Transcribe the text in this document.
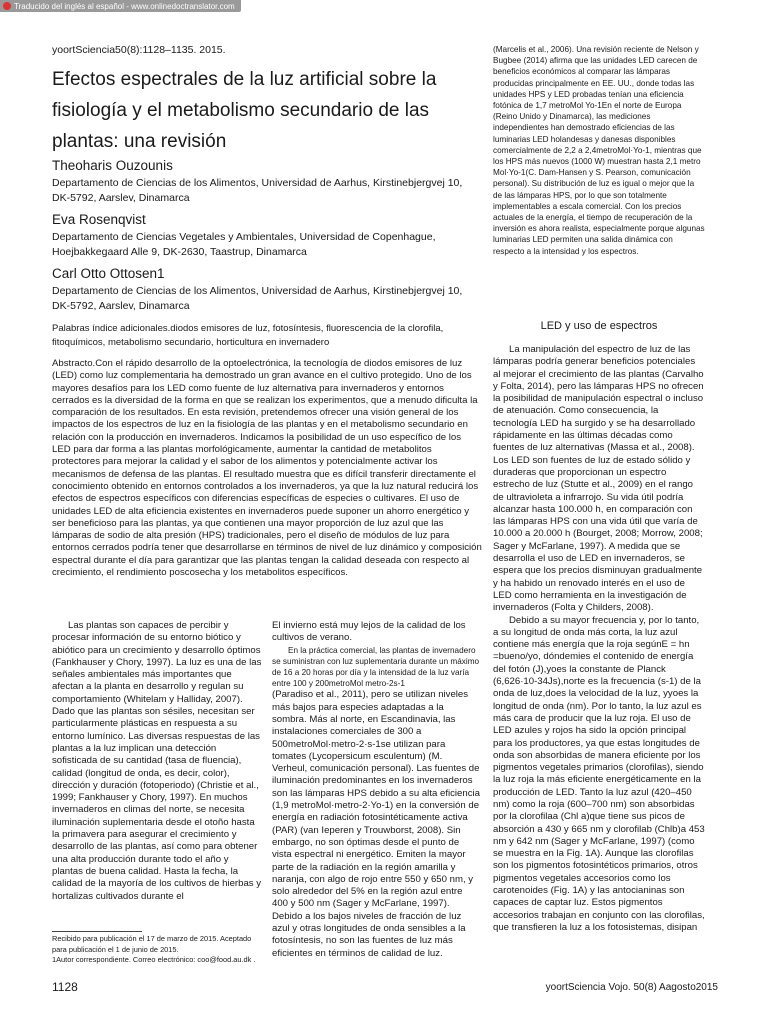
Traducido del inglés al español - www.onlinedoctranslator.com
yoortSciencia50(8):1128–1135. 2015.
Efectos espectrales de la luz artificial sobre la fisiología y el metabolismo secundario de las plantas: una revisión
Theoharis Ouzounis
Departamento de Ciencias de los Alimentos, Universidad de Aarhus, Kirstinebjergvej 10, DK-5792, Aarslev, Dinamarca
Eva Rosenqvist
Departamento de Ciencias Vegetales y Ambientales, Universidad de Copenhague, Hoejbakkegaard Alle 9, DK-2630, Taastrup, Dinamarca
Carl Otto Ottosen1
Departamento de Ciencias de los Alimentos, Universidad de Aarhus, Kirstinebjergvej 10, DK-5792, Aarslev, Dinamarca
Palabras índice adicionales.diodos emisores de luz, fotosíntesis, fluorescencia de la clorofila, fitoquímicos, metabolismo secundario, horticultura en invernadero
Abstracto.Con el rápido desarrollo de la optoelectrónica, la tecnología de diodos emisores de luz (LED) como luz complementaria ha demostrado un gran avance en el cultivo protegido. Uno de los mayores desafíos para los LED como fuente de luz alternativa para invernaderos y entornos cerrados es la diversidad de la forma en que se realizan los experimentos, que a menudo dificulta la comparación de los resultados. En esta revisión, pretendemos ofrecer una visión general de los impactos de los espectros de luz en la fisiología de las plantas y en el metabolismo secundario en relación con la producción en invernaderos. Indicamos la posibilidad de un uso específico de los LED para dar forma a las plantas morfológicamente, aumentar la cantidad de metabolitos protectores para mejorar la calidad y el sabor de los alimentos y potencialmente activar los mecanismos de defensa de las plantas. El resultado muestra que es difícil transferir directamente el conocimiento obtenido en entornos controlados a los invernaderos, ya que la luz natural reducirá los efectos de espectros específicos con diferencias específicas de especies o cultivares. El uso de unidades LED de alta eficiencia existentes en invernaderos puede suponer un ahorro energético y ser beneficioso para las plantas, ya que contienen una mayor proporción de luz azul que las lámparas de sodio de alta presión (HPS) tradicionales, pero el diseño de módulos de luz para entornos cerrados podría tener que desarrollarse en términos de nivel de luz dinámico y composición espectral durante el día para garantizar que las plantas tengan la calidad deseada con respecto al crecimiento, el rendimiento poscosecha y los metabolitos específicos.

Las plantas son capaces de percibir y procesar información de su entorno biótico y abiótico para un crecimiento y desarrollo óptimos (Fankhauser y Chory, 1997). La luz es una de las señales ambientales más importantes que afectan a la planta en desarrollo y regulan su comportamiento (Whitelam y Halliday, 2007). Dado que las plantas son sésiles, necesitan ser particularmente plásticas en respuesta a su entorno lumínico. Las diversas respuestas de las plantas a la luz implican una detección sofisticada de su cantidad (tasa de fluencia), calidad (longitud de onda, es decir, color), dirección y duración (fotoperiodo) (Christie et al., 1999; Fankhauser y Chory, 1997). En muchos invernaderos en climas del norte, se necesita iluminación suplementaria desde el otoño hasta la primavera para asegurar el crecimiento y desarrollo de las plantas, así como para obtener una alta producción durante todo el año y plantas de buena calidad. Hasta la fecha, la calidad de la mayoría de los cultivos de hierbas y hortalizas cultivados durante el

El invierno está muy lejos de la calidad de los cultivos de verano.

En la práctica comercial, las plantas de invernadero se suministran con luz suplementaria durante un máximo de 16 a 20 horas por día y la intensidad de la luz varía entre 100 y 200metroMol metro-2s-1

(Paradiso et al., 2011), pero se utilizan niveles más bajos para especies adaptadas a la sombra. Más al norte, en Escandinavia, las instalaciones comerciales de 300 a 500metroMol·metro-2·s-1se utilizan para tomates (Lycopersicum esculentum) (M. Verheul, comunicación personal). Las fuentes de iluminación predominantes en los invernaderos son las lámparas HPS debido a su alta eficiencia (1,9 metroMol·metro-2·Yo-1) en la conversión de energía en radiación fotosintéticamente activa (PAR) (van Ieperen y Trouwborst, 2008). Sin embargo, no son óptimas desde el punto de vista espectral ni energético. Emiten la mayor parte de la radiación en la región amarilla y naranja, con algo de rojo entre 550 y 650 nm, y solo alrededor del 5% en la región azul entre 400 y 500 nm (Sager y McFarlane, 1997). Debido a los bajos niveles de fracción de luz azul y otras longitudes de onda sensibles a la fotosíntesis, no son las fuentes de luz más eficientes en términos de calidad de luz.

(Marcelis et al., 2006). Una revisión reciente de Nelson y Bugbee (2014) afirma que las unidades LED carecen de beneficios económicos al comparar las lámparas producidas principalmente en EE. UU., donde todas las unidades HPS y LED probadas tenían una eficiencia fotónica de 1,7 metroMol Yo-1En el norte de Europa (Reino Unido y Dinamarca), las mediciones independientes han demostrado eficiencias de las luminarias LED holandesas y danesas disponibles comercialmente de 2,2 a 2,4metroMol·Yo-1, mientras que los HPS más nuevos (1000 W) muestran hasta 2,1 metro Mol·Yo-1(C. Dam-Hansen y S. Pearson, comunicación personal). Su distribución de luz es igual o mejor que la de las lámparas HPS, por lo que son totalmente implementables a escala comercial. Con los precios actuales de la energía, el tiempo de recuperación de la inversión es ahora realista, especialmente porque algunas luminarias LED permiten una salida dinámica con respecto a la intensidad y los espectros.
LED y uso de espectros

La manipulación del espectro de luz de las lámparas podría generar beneficios potenciales al mejorar el crecimiento de las plantas (Carvalho y Folta, 2014), pero las lámparas HPS no ofrecen la posibilidad de manipulación espectral o incluso de atenuación. Como consecuencia, la tecnología LED ha surgido y se ha desarrollado rápidamente en las últimas décadas como fuentes de luz alternativas (Massa et al., 2008). Los LED son fuentes de luz de estado sólido y duraderas que proporcionan un espectro estrecho de luz (Stutte et al., 2009) en el rango de ultravioleta a infrarrojo. Su vida útil podría alcanzar hasta 100.000 h, en comparación con las lámparas HPS con una vida útil que varía de 10.000 a 20.000 h (Bourget, 2008; Morrow, 2008; Sager y McFarlane, 1997). A medida que se desarrolla el uso de LED en invernaderos, se espera que los precios disminuyan gradualmente y ha habido un renovado interés en el uso de LED como herramienta en la investigación de invernaderos (Folta y Childers, 2008).

Debido a su mayor frecuencia y, por lo tanto, a su longitud de onda más corta, la luz azul contiene más energía que la roja segúnE = hn =bueno/yo, dóndemies el contenido de energía del fotón (J),yoes la constante de Planck (6,626·10-34Js),norte es la frecuencia (s-1) de la onda de luz,does la velocidad de la luz, yyoes la longitud de onda (nm). Por lo tanto, la luz azul es más cara de producir que la luz roja. El uso de LED azules y rojos ha sido la opción principal para los productores, ya que estas longitudes de onda son absorbidas de manera eficiente por los pigmentos vegetales primarios (clorofilas), siendo la luz roja la más eficiente energéticamente en la producción de LED. Tanto la luz azul (420–450 nm) como la roja (600–700 nm) son absorbidas por la clorofilaa (Chl a)que tiene sus picos de absorción a 430 y 665 nm y clorofilab (Chlb)a 453 nm y 642 nm (Sager y McFarlane, 1997) (como se muestra en la Fig. 1A). Aunque las clorofilas son los pigmentos fotosintéticos primarios, otros pigmentos vegetales accesorios como los carotenoides (Fig. 1A) y las antocianinas son capaces de captar luz. Estos pigmentos accesorios trabajan en conjunto con las clorofilas, que transfieren la luz a los fotosistemas, disipan

Recibido para publicación el 17 de marzo de 2015. Aceptado para publicación el 1 de junio de 2015.
1Autor correspondiente. Correo electrónico: coo@food.au.dk .
1128	yoortSciencia Vojo. 50(8) Aagosto2015
